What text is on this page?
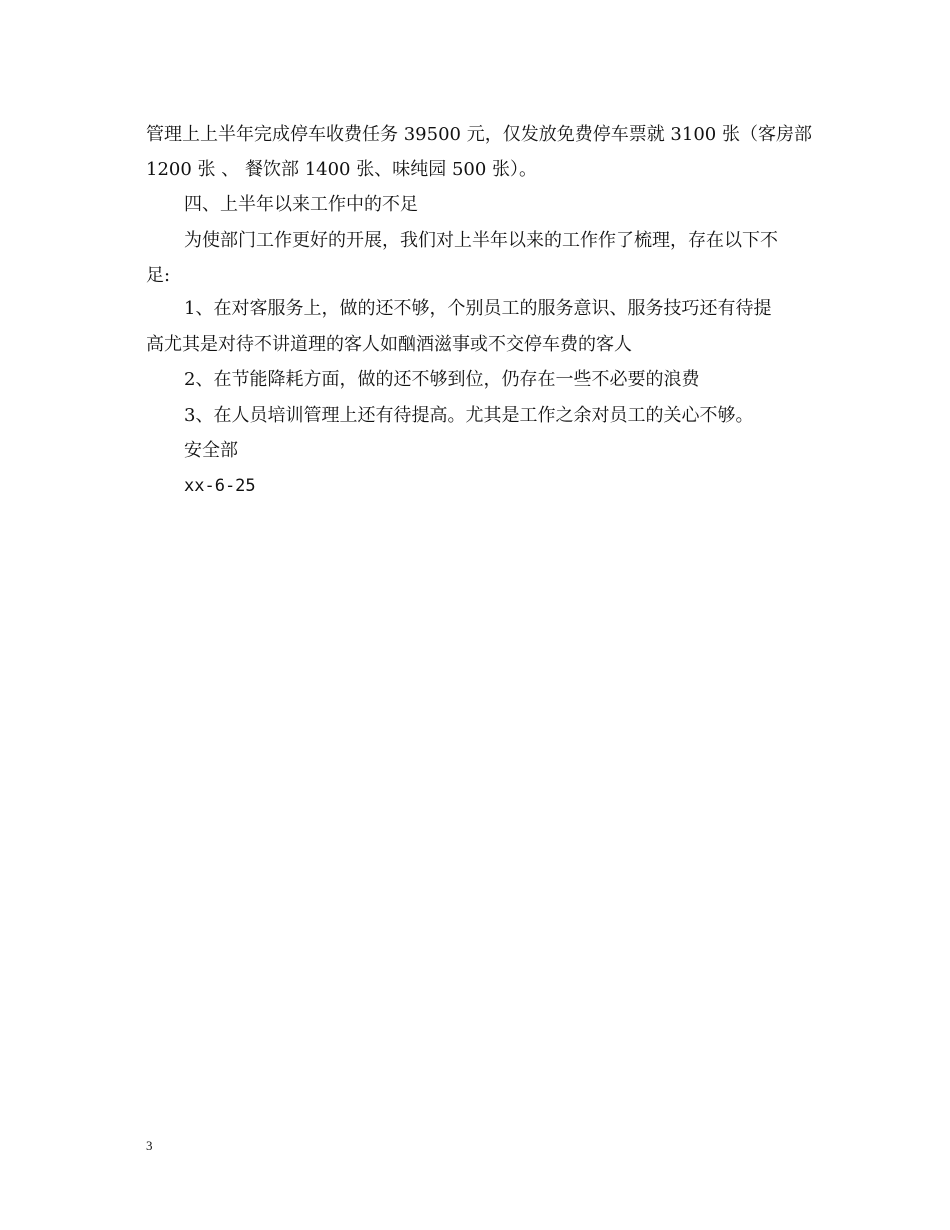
管理上上半年完成停车收费任务 39500 元，仅发放免费停车票就 3100 张（客房部
1200 张 、 餐饮部 1400 张、味纯园 500 张）。
四、上半年以来工作中的不足
为使部门工作更好的开展，我们对上半年以来的工作作了梳理，存在以下不
足:
1、在对客服务上，做的还不够，个别员工的服务意识、服务技巧还有待提
高尤其是对待不讲道理的客人如酗酒滋事或不交停车费的客人
2、在节能降耗方面，做的还不够到位，仍存在一些不必要的浪费
3、在人员培训管理上还有待提高。尤其是工作之余对员工的关心不够。
安全部
xx-6-25
3
